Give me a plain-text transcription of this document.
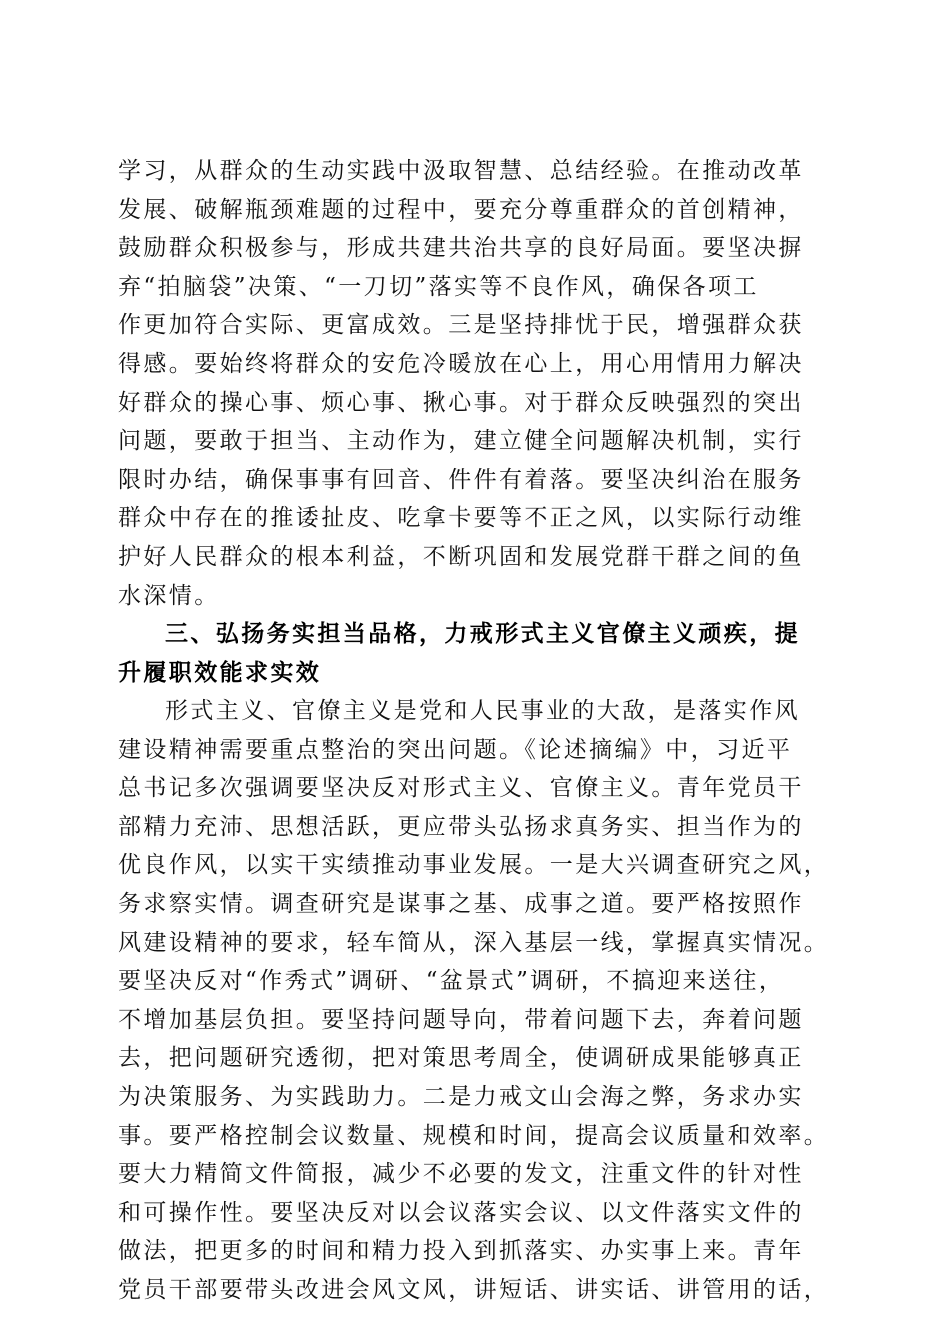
学习，从群众的生动实践中汲取智慧、总结经验。在推动改革
发展、破解瓶颈难题的过程中，要充分尊重群众的首创精神，
鼓励群众积极参与，形成共建共治共享的良好局面。要坚决摒
弃“拍脑袋”决策、“一刀切”落实等不良作风，确保各项工
作更加符合实际、更富成效。三是坚持排忧于民，增强群众获
得感。要始终将群众的安危冷暖放在心上，用心用情用力解决
好群众的操心事、烦心事、揪心事。对于群众反映强烈的突出
问题，要敢于担当、主动作为，建立健全问题解决机制，实行
限时办结，确保事事有回音、件件有着落。要坚决纠治在服务
群众中存在的推诿扯皮、吃拿卡要等不正之风，以实际行动维
护好人民群众的根本利益，不断巩固和发展党群干群之间的鱼
水深情。
三、弘扬务实担当品格，力戒形式主义官僚主义顽疾，提
升履职效能求实效
形式主义、官僚主义是党和人民事业的大敌，是落实作风
建设精神需要重点整治的突出问题。《论述摘编》中，习近平
总书记多次强调要坚决反对形式主义、官僚主义。青年党员干
部精力充沛、思想活跃，更应带头弘扬求真务实、担当作为的
优良作风，以实干实绩推动事业发展。一是大兴调查研究之风，
务求察实情。调查研究是谋事之基、成事之道。要严格按照作
风建设精神的要求，轻车简从，深入基层一线，掌握真实情况。
要坚决反对“作秀式”调研、“盆景式”调研，不搞迎来送往，
不增加基层负担。要坚持问题导向，带着问题下去，奔着问题
去，把问题研究透彻，把对策思考周全，使调研成果能够真正
为决策服务、为实践助力。二是力戒文山会海之弊，务求办实
事。要严格控制会议数量、规模和时间，提高会议质量和效率。
要大力精简文件简报，减少不必要的发文，注重文件的针对性
和可操作性。要坚决反对以会议落实会议、以文件落实文件的
做法，把更多的时间和精力投入到抓落实、办实事上来。青年
党员干部要带头改进会风文风，讲短话、讲实话、讲管用的话，
